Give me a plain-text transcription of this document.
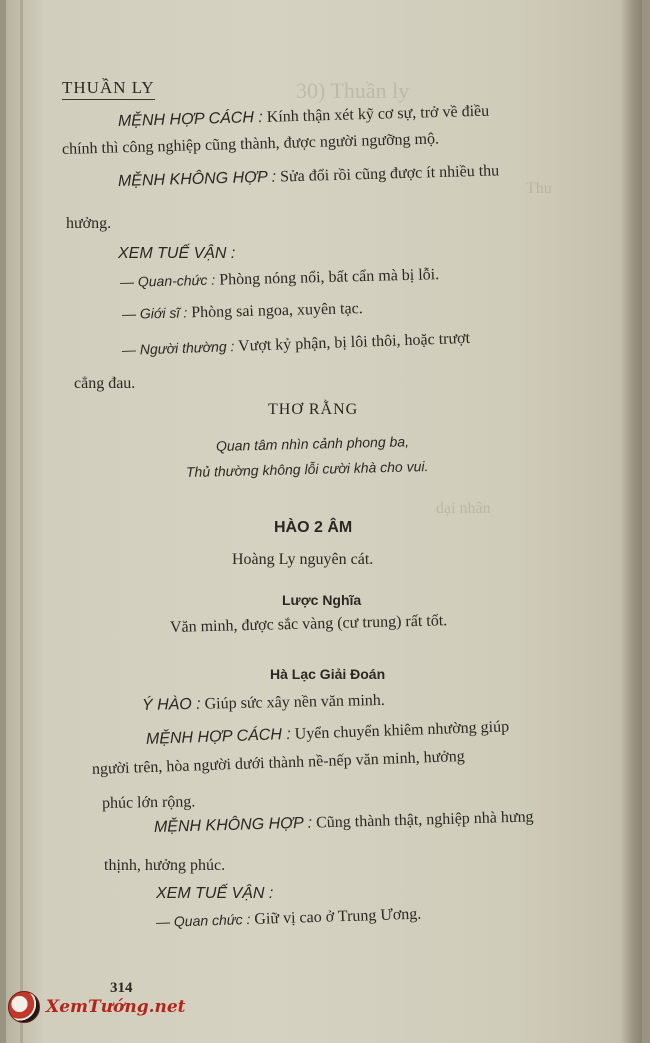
30) Thuần ly
Thu
dại nhân
THUẦN LY
MỆNH HỢP CÁCH : Kính thận xét kỹ cơ sự, trở về điều
chính thì công nghiệp cũng thành, được người ngưỡng mộ.
MỆNH KHÔNG HỢP : Sửa đổi rồi cũng được ít nhiều thu
hưởng.
XEM TUẾ VẬN :
— Quan-chức : Phòng nóng nổi, bất cẩn mà bị lỗi.
— Giới sĩ : Phòng sai ngoa, xuyên tạc.
— Người thường : Vượt kỷ phận, bị lôi thôi, hoặc trượt
cẳng đau.
THƠ RẰNG
Quan tâm nhìn cảnh phong ba,
Thủ thường không lỗi cười khà cho vui.
HÀO 2 ÂM
Hoàng Ly nguyên cát.
Lược Nghĩa
Văn minh, được sắc vàng (cư trung) rất tốt.
Hà Lạc Giải Đoán
Ý HÀO : Giúp sức xây nền văn minh.
MỆNH HỢP CÁCH : Uyển chuyển khiêm nhường giúp
người trên, hòa người dưới thành nề-nếp văn minh, hưởng
phúc lớn rộng.
MỆNH KHÔNG HỢP : Cũng thành thật, nghiệp nhà hưng
thịnh, hưởng phúc.
XEM TUẾ VẬN :
— Quan chức : Giữ vị cao ở Trung Ương.
314
XemTướng.net
